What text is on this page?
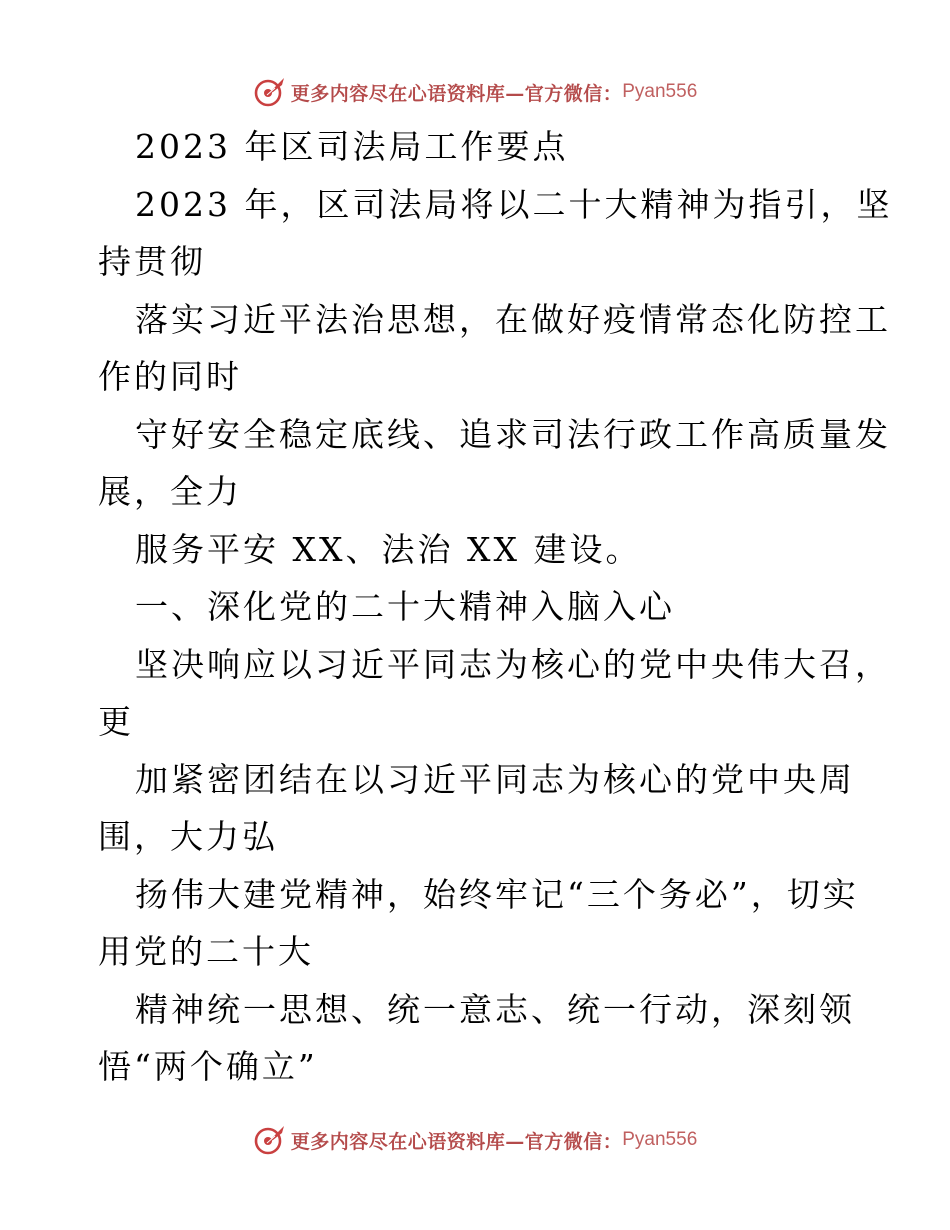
更多内容尽在心语资料库—官方微信： Pyan556
2023 年区司法局工作要点
2023 年，区司法局将以二十大精神为指引，坚
持贯彻
落实习近平法治思想，在做好疫情常态化防控工
作的同时
守好安全稳定底线、追求司法行政工作高质量发
展，全力
服务平安 XX、法治 XX 建设。
一、深化党的二十大精神入脑入心
坚决响应以习近平同志为核心的党中央伟大召，
更
加紧密团结在以习近平同志为核心的党中央周
围，大力弘
扬伟大建党精神，始终牢记“三个务必”，切实
用党的二十大
精神统一思想、统一意志、统一行动，深刻领
悟“两个确立”
更多内容尽在心语资料库—官方微信： Pyan556
